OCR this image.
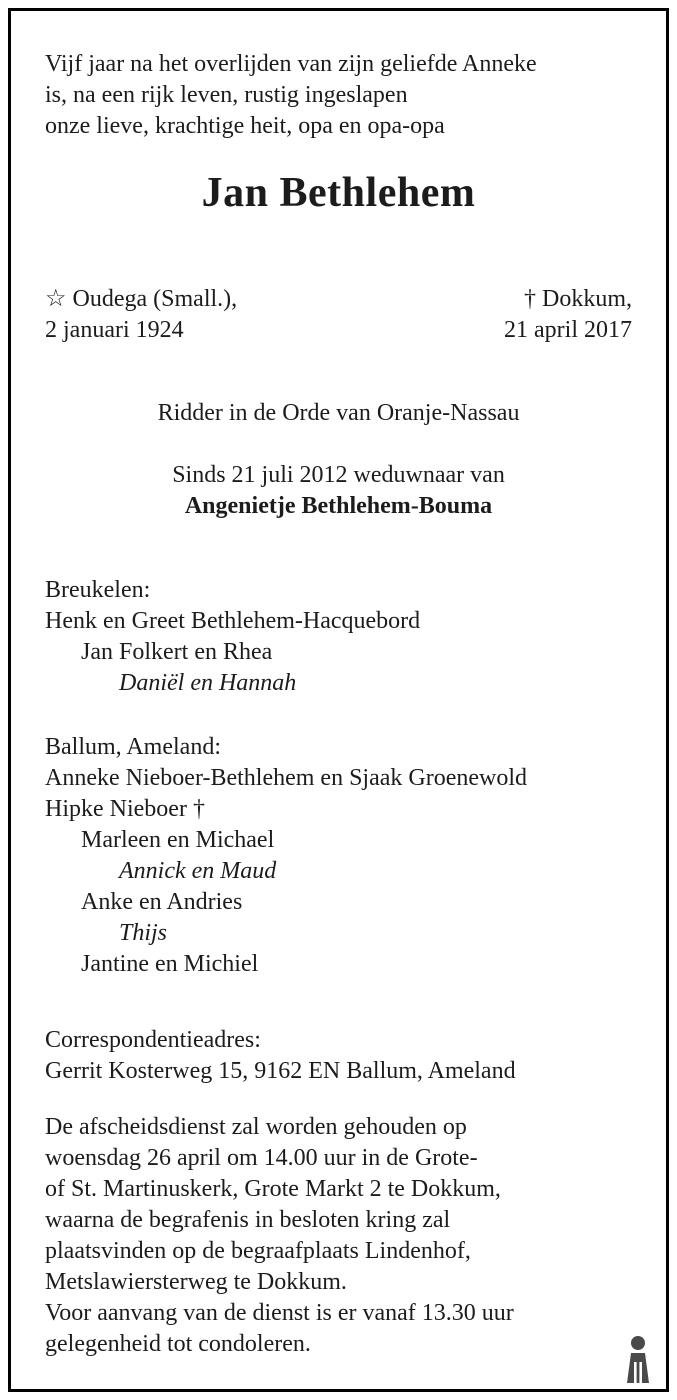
Vijf jaar na het overlijden van zijn geliefde Anneke
is, na een rijk leven, rustig ingeslapen
onze lieve, krachtige heit, opa en opa-opa
Jan Bethlehem
☆ Oudega (Small.),
2 januari 1924
† Dokkum,
21 april 2017
Ridder in de Orde van Oranje-Nassau
Sinds 21 juli 2012 weduwnaar van
Angenietje Bethlehem-Bouma
Breukelen:
Henk en Greet Bethlehem-Hacquebord
Jan Folkert en Rhea
Daniël en Hannah
Ballum, Ameland:
Anneke Nieboer-Bethlehem en Sjaak Groenewold
Hipke Nieboer †
Marleen en Michael
Annick en Maud
Anke en Andries
Thijs
Jantine en Michiel
Correspondentieadres:
Gerrit Kosterweg 15, 9162 EN Ballum, Ameland
De afscheidsdienst zal worden gehouden op
woensdag 26 april om 14.00 uur in de Grote-
of St. Martinuskerk, Grote Markt 2 te Dokkum,
waarna de begrafenis in besloten kring zal
plaatsvinden op de begraafplaats Lindenhof,
Metslawiersterweg te Dokkum.
Voor aanvang van de dienst is er vanaf 13.30 uur
gelegenheid tot condoleren.
